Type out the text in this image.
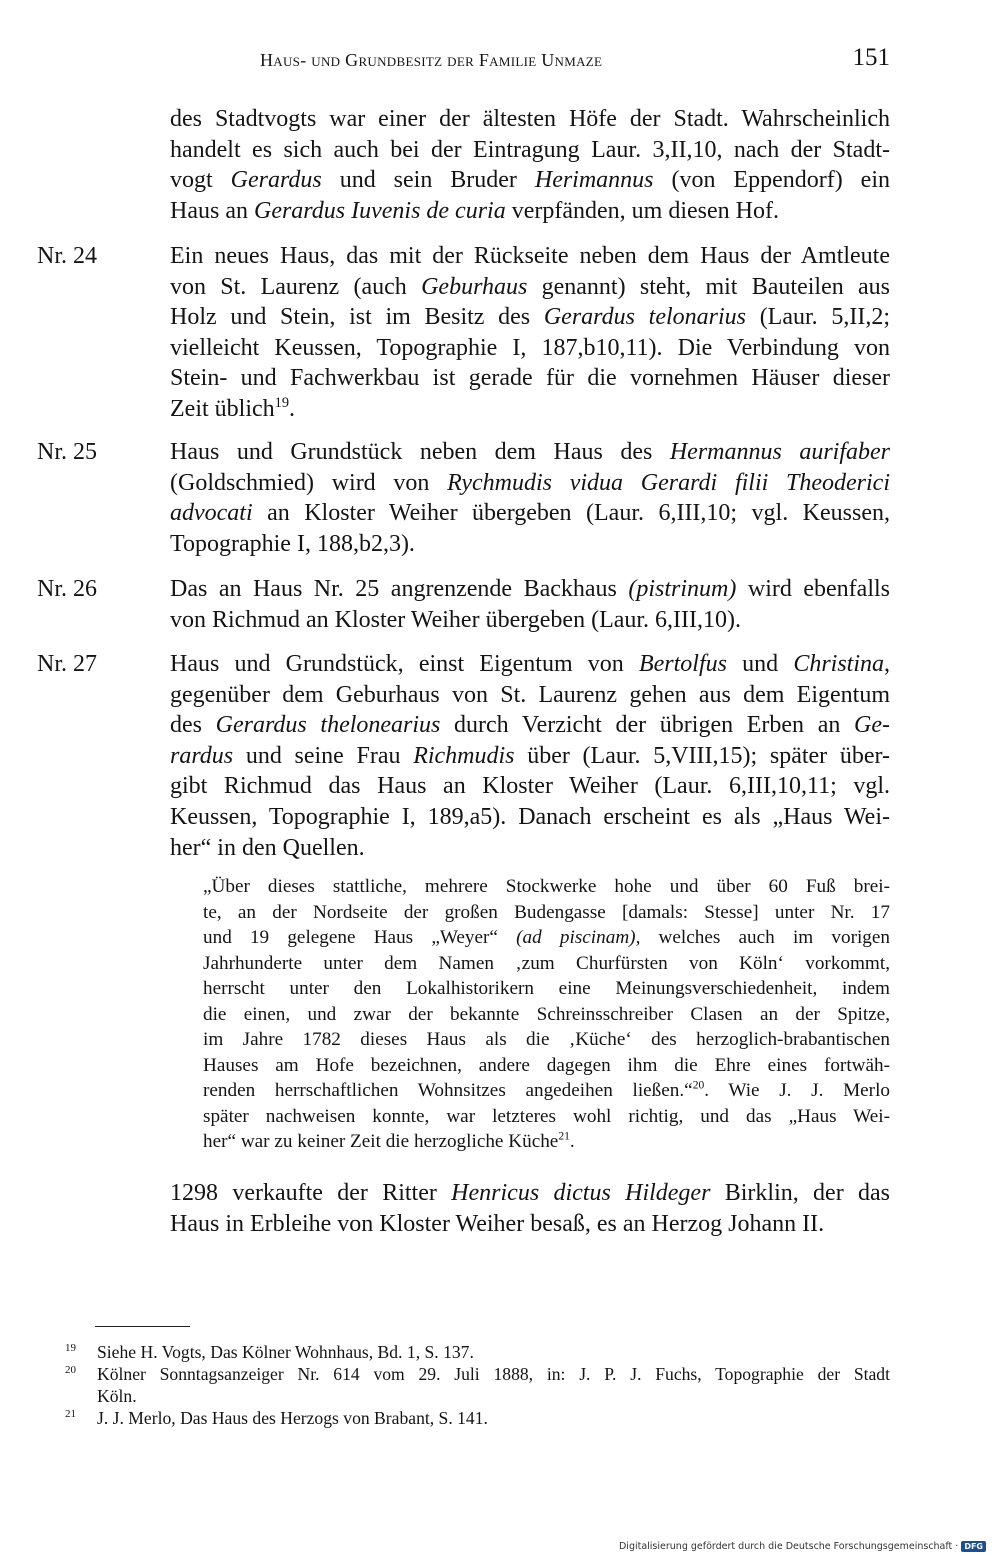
Haus- und Grundbesitz der Familie Unmaze	151
des Stadtvogts war einer der ältesten Höfe der Stadt. Wahrscheinlich
handelt es sich auch bei der Eintragung Laur. 3,II,10, nach der Stadt-
vogt Gerardus und sein Bruder Herimannus (von Eppendorf) ein
Haus an Gerardus Iuvenis de curia verpfänden, um diesen Hof.
Nr. 24	Ein neues Haus, das mit der Rückseite neben dem Haus der Amtleute
von St. Laurenz (auch Geburhaus genannt) steht, mit Bauteilen aus
Holz und Stein, ist im Besitz des Gerardus telonarius (Laur. 5,II,2;
vielleicht Keussen, Topographie I, 187,b10,11). Die Verbindung von
Stein- und Fachwerkbau ist gerade für die vornehmen Häuser dieser
Zeit üblich$^{19}$.
Nr. 25	Haus und Grundstück neben dem Haus des Hermannus aurifaber
(Goldschmied) wird von Rychmudis vidua Gerardi filii Theoderici
advocati an Kloster Weiher übergeben (Laur. 6,III,10; vgl. Keussen,
Topographie I, 188,b2,3).
Nr. 26	Das an Haus Nr. 25 angrenzende Backhaus (pistrinum) wird ebenfalls
von Richmud an Kloster Weiher übergeben (Laur. 6,III,10).
Nr. 27	Haus und Grundstück, einst Eigentum von Bertolfus und Christina,
gegenüber dem Geburhaus von St. Laurenz gehen aus dem Eigentum
des Gerardus thelonearius durch Verzicht der übrigen Erben an Ge-
rardus und seine Frau Richmudis über (Laur. 5,VIII,15); später über-
gibt Richmud das Haus an Kloster Weiher (Laur. 6,III,10,11; vgl.
Keussen, Topographie I, 189,a5). Danach erscheint es als „Haus Wei-
her“ in den Quellen.
„Über dieses stattliche, mehrere Stockwerke hohe und über 60 Fuß brei-
te, an der Nordseite der großen Budengasse [damals: Stesse] unter Nr. 17
und 19 gelegene Haus „Weyer“ (ad piscinam), welches auch im vorigen
Jahrhunderte unter dem Namen ‚zum Churfürsten von Köln‘ vorkommt,
herrscht unter den Lokalhistorikern eine Meinungsverschiedenheit, indem
die einen, und zwar der bekannte Schreinsschreiber Clasen an der Spitze,
im Jahre 1782 dieses Haus als die ‚Küche‘ des herzoglich-brabantischen
Hauses am Hofe bezeichnen, andere dagegen ihm die Ehre eines fortwäh-
renden herrschaftlichen Wohnsitzes angedeihen ließen.“$^{20}$. Wie J. J. Merlo
später nachweisen konnte, war letzteres wohl richtig, und das „Haus Wei-
her“ war zu keiner Zeit die herzogliche Küche$^{21}$.
1298 verkaufte der Ritter Henricus dictus Hildeger Birklin, der das
Haus in Erbleihe von Kloster Weiher besaß, es an Herzog Johann II.
19 Siehe H. Vogts, Das Kölner Wohnhaus, Bd. 1, S. 137.
20 Kölner Sonntagsanzeiger Nr. 614 vom 29. Juli 1888, in: J. P. J. Fuchs, Topographie der Stadt
Köln.
21 J. J. Merlo, Das Haus des Herzogs von Brabant, S. 141.
Digitalisierung gefördert durch die Deutsche Forschungsgemeinschaft · DFG
